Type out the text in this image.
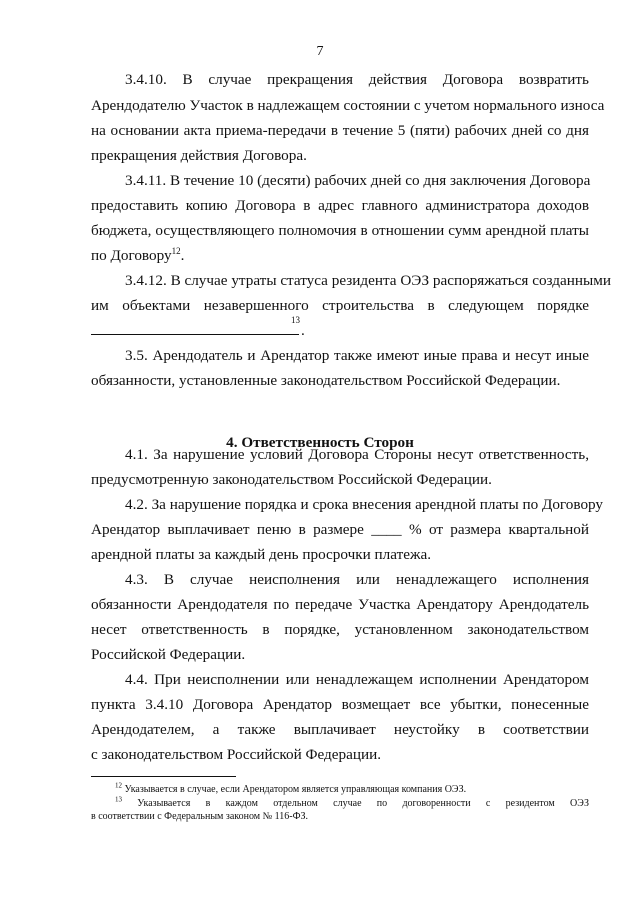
7
3.4.10. В случае прекращения действия Договора возвратить
Арендодателю Участок в надлежащем состоянии с учетом нормального износа
на основании акта приема-передачи в течение 5 (пяти) рабочих дней со дня
прекращения действия Договора.
3.4.11. В течение 10 (десяти) рабочих дней со дня заключения Договора
предоставить копию Договора в адрес главного администратора доходов
бюджета, осуществляющего полномочия в отношении сумм арендной платы
по Договору$^{12}$.
3.4.12. В случае утраты статуса резидента ОЭЗ распоряжаться созданными
им объектами незавершенного строительства в следующем порядке
.
13
3.5. Арендодатель и Арендатор также имеют иные права и несут иные
обязанности, установленные законодательством Российской Федерации.
4. Ответственность Сторон
4.1. За нарушение условий Договора Стороны несут ответственность,
предусмотренную законодательством Российской Федерации.
4.2. За нарушение порядка и срока внесения арендной платы по Договору
Арендатор выплачивает пеню в размере ____ % от размера квартальной
арендной платы за каждый день просрочки платежа.
4.3. В случае неисполнения или ненадлежащего исполнения
обязанности Арендодателя по передаче Участка Арендатору Арендодатель
несет ответственность в порядке, установленном законодательством
Российской Федерации.
4.4. При неисполнении или ненадлежащем исполнении Арендатором
пункта 3.4.10 Договора Арендатор возмещает все убытки, понесенные
Арендодателем, а также выплачивает неустойку в соответствии
с законодательством Российской Федерации.
$^{12}$ Указывается в случае, если Арендатором является управляющая компания ОЭЗ.
$^{13}$ Указывается в каждом отдельном случае по договоренности с резидентом ОЭЗ
в соответствии с Федеральным законом № 116-ФЗ.
